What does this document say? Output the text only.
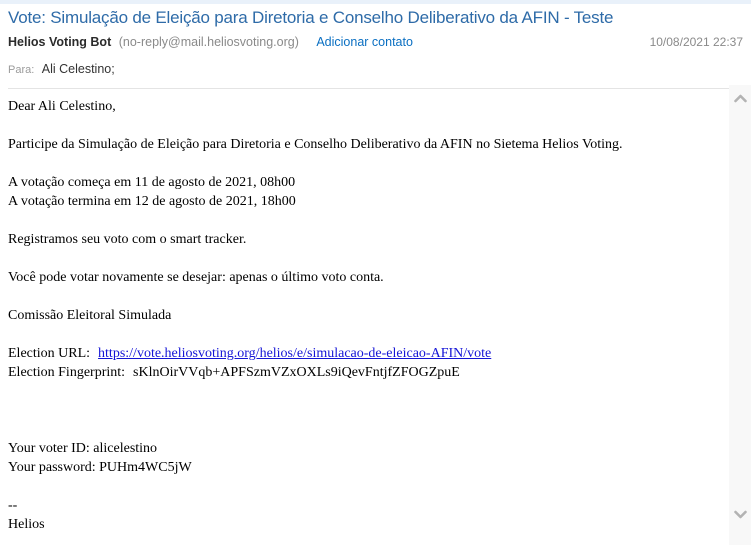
Vote: Simulação de Eleição para Diretoria e Conselho Deliberativo da AFIN - Teste
10/08/2021 22:37
Helios Voting Bot (no-reply@mail.heliosvoting.org) Adicionar contato
Para: Ali Celestino;
Dear Ali Celestino,
Participe da Simulação de Eleição para Diretoria e Conselho Deliberativo da AFIN no Sietema Helios Voting.
A votação começa em 11 de agosto de 2021, 08h00
A votação termina em 12 de agosto de 2021, 18h00
Registramos seu voto com o smart tracker.
Você pode votar novamente se desejar: apenas o último voto conta.
Comissão Eleitoral Simulada
Election URL: https://vote.heliosvoting.org/helios/e/simulacao-de-eleicao-AFIN/vote
Election Fingerprint: sKlnOirVVqb+APFSzmVZxOXLs9iQevFntjfZFOGZpuE
Your voter ID: alicelestino
Your password: PUHm4WC5jW
--
Helios
